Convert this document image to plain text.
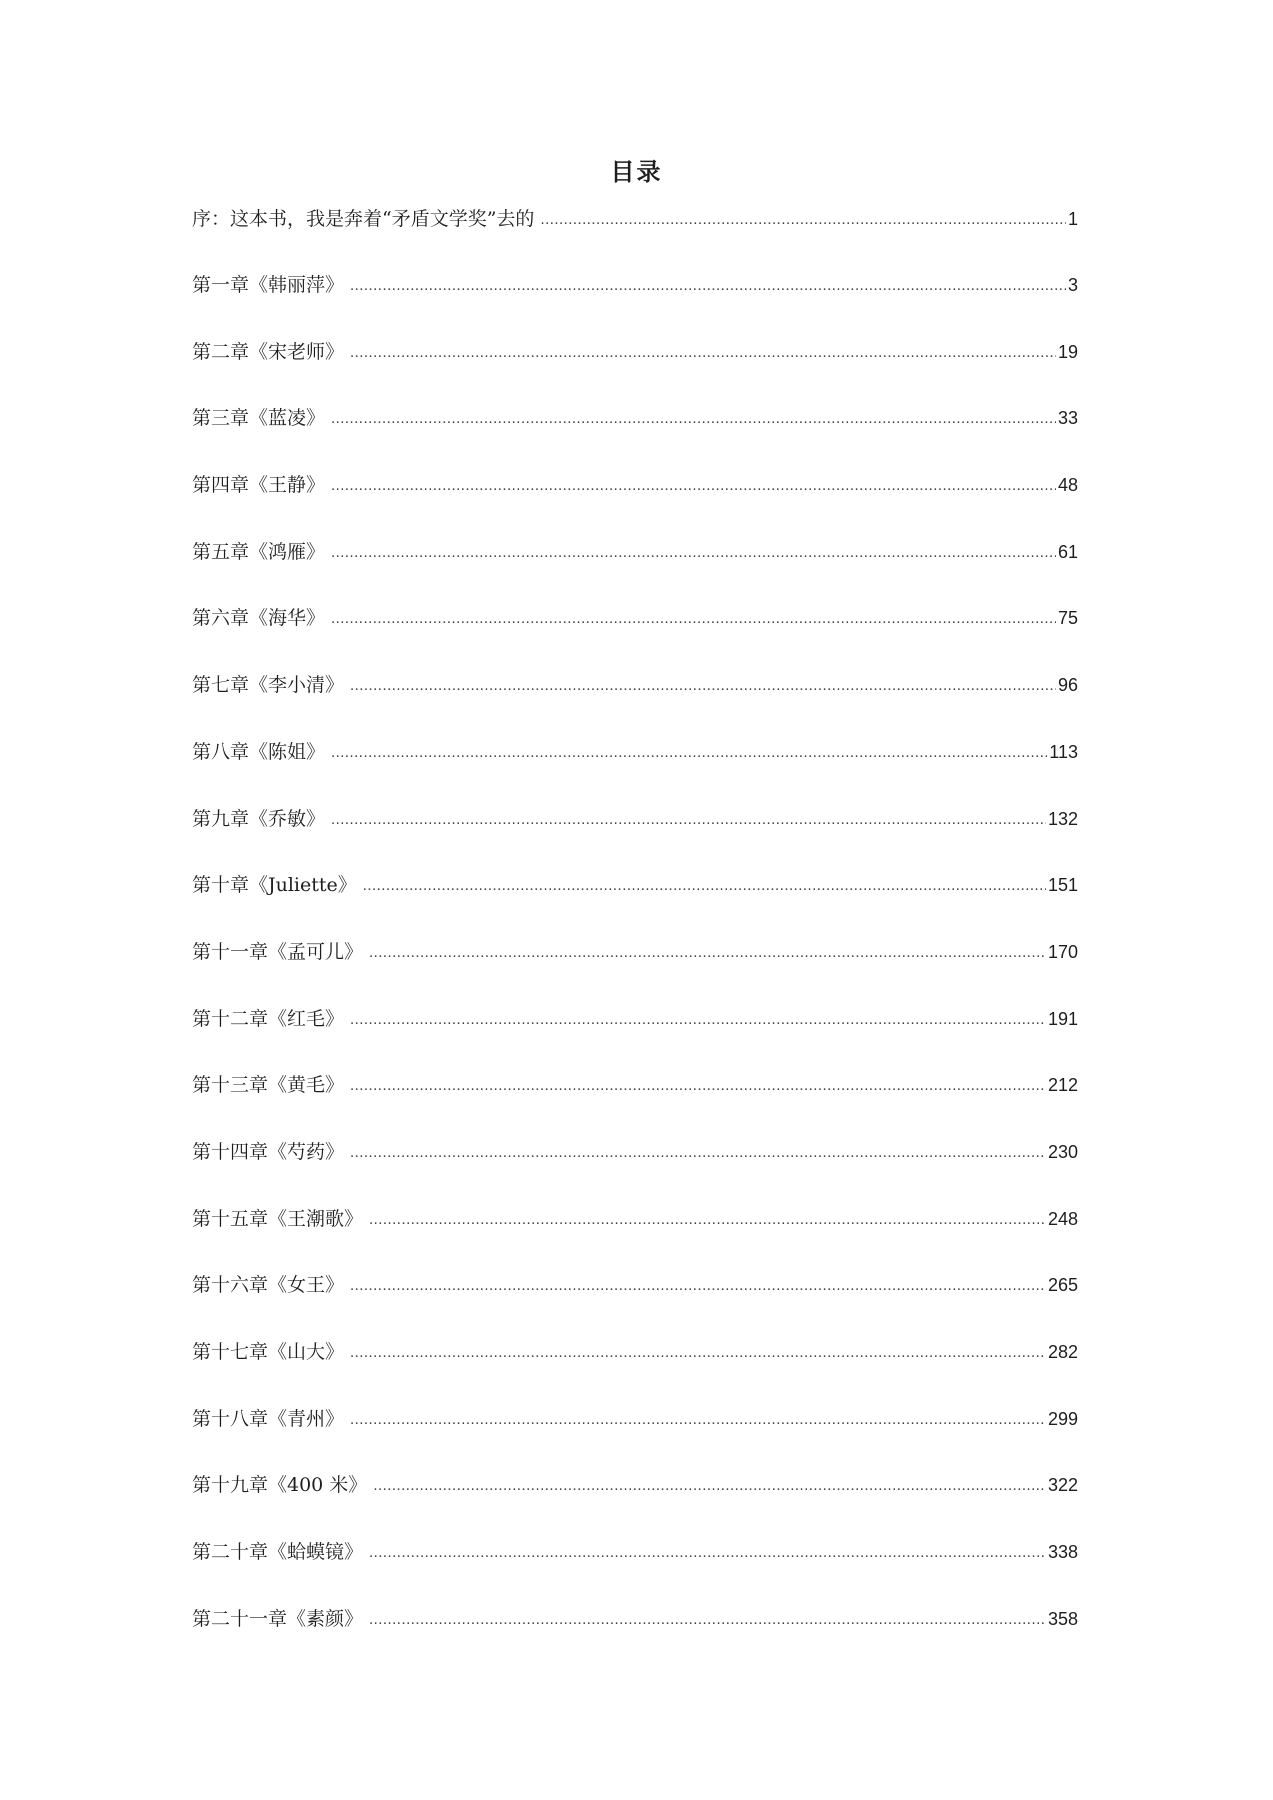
目录
序：这本书，我是奔着“矛盾文学奖”去的 .....	1
第一章《韩丽萍》 .....	3
第二章《宋老师》 .....	19
第三章《蓝凌》 .....	33
第四章《王静》 .....	48
第五章《鸿雁》 .....	61
第六章《海华》 .....	75
第七章《李小清》 .....	96
第八章《陈姐》 .....	113
第九章《乔敏》 .....	132
第十章《Juliette》 .....	151
第十一章《孟可儿》 .....	170
第十二章《红毛》 .....	191
第十三章《黄毛》 .....	212
第十四章《芍药》 .....	230
第十五章《王潮歌》 .....	248
第十六章《女王》 .....	265
第十七章《山大》 .....	282
第十八章《青州》 .....	299
第十九章《400 米》 .....	322
第二十章《蛤蟆镜》 .....	338
第二十一章《素颜》 .....	358
